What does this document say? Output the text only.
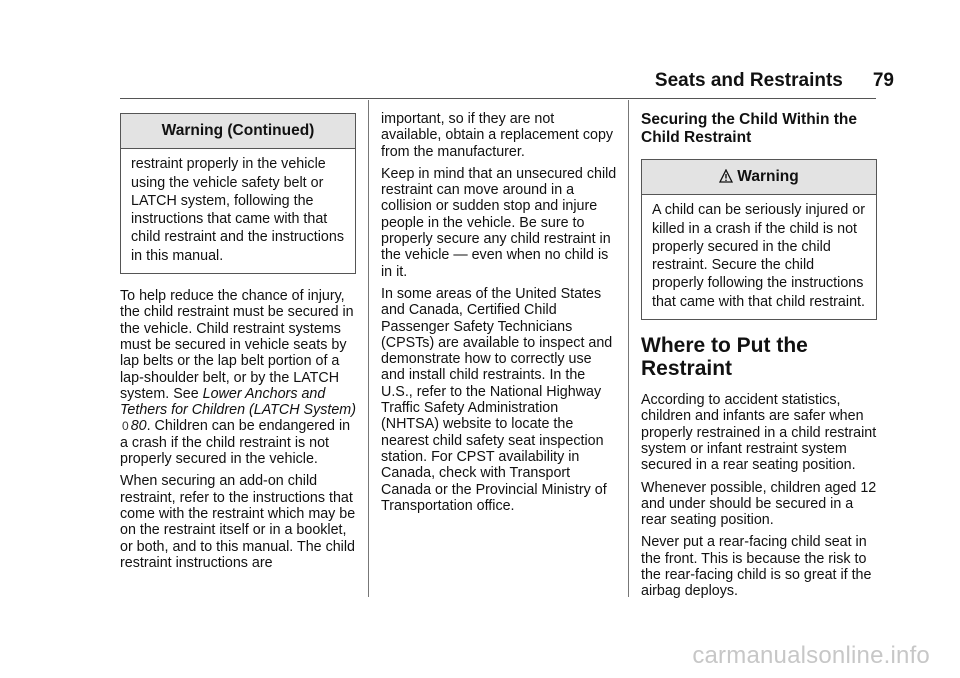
Seats and Restraints 79
Warning (Continued)
restraint properly in the vehicle using the vehicle safety belt or LATCH system, following the instructions that came with that child restraint and the instructions in this manual.

To help reduce the chance of injury, the child restraint must be secured in the vehicle. Child restraint systems must be secured in vehicle seats by lap belts or the lap belt portion of a lap-shoulder belt, or by the LATCH system. See Lower Anchors and Tethers for Children (LATCH System) 0 80. Children can be endangered in a crash if the child restraint is not properly secured in the vehicle.

When securing an add-on child restraint, refer to the instructions that come with the restraint which may be on the restraint itself or in a booklet, or both, and to this manual. The child restraint instructions are

important, so if they are not available, obtain a replacement copy from the manufacturer.

Keep in mind that an unsecured child restraint can move around in a collision or sudden stop and injure people in the vehicle. Be sure to properly secure any child restraint in the vehicle — even when no child is in it.

In some areas of the United States and Canada, Certified Child Passenger Safety Technicians (CPSTs) are available to inspect and demonstrate how to correctly use and install child restraints. In the U.S., refer to the National Highway Traffic Safety Administration (NHTSA) website to locate the nearest child safety seat inspection station. For CPST availability in Canada, check with Transport Canada or the Provincial Ministry of Transportation office.

Securing the Child Within the Child Restraint
Warning
A child can be seriously injured or killed in a crash if the child is not properly secured in the child restraint. Secure the child properly following the instructions that came with that child restraint.
Where to Put the Restraint

According to accident statistics, children and infants are safer when properly restrained in a child restraint system or infant restraint system secured in a rear seating position.

Whenever possible, children aged 12 and under should be secured in a rear seating position.

Never put a rear-facing child seat in the front. This is because the risk to the rear-facing child is so great if the airbag deploys.

carmanualsonline.info
